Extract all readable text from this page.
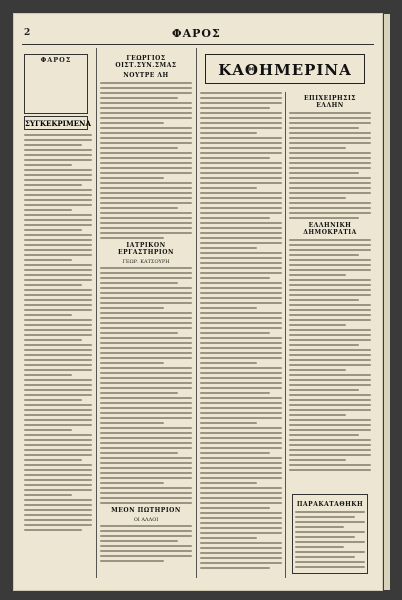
2	ΦΑΡΟΣ
ΦΑΡΟΣ
ΣΥΓΚΕΚΡΙΜΕΝΑ
ΓΕΩΡΓΙΟΣ ΟΙΣΤ.ΣΥΝ.ΣΜΑΣ
ΝΟΥΤΡΕ ΛΗ
ΙΑΤΡΙΚΟΝ ΕΡΓΑΣΤΗΡΙΟΝ
ΓΕΩΡ. ΚΑΤΣΟΥΡΗ
ΜΕΟΝ ΠΩΤΗΡΙΟΝ
ΟΙ ΑΛΛΟΙ
ΚΑΘΗΜΕΡΙΝΑ
ΕΠΙΧΕΙΡΗΣΙΣ ΕΛΛΗΝ
ΕΛΛΗΝΙΚΗ ΔΗΜΟΚΡΑΤΙΑ
ΠΑΡΑΚΑΤΑΘΗΚΗ
